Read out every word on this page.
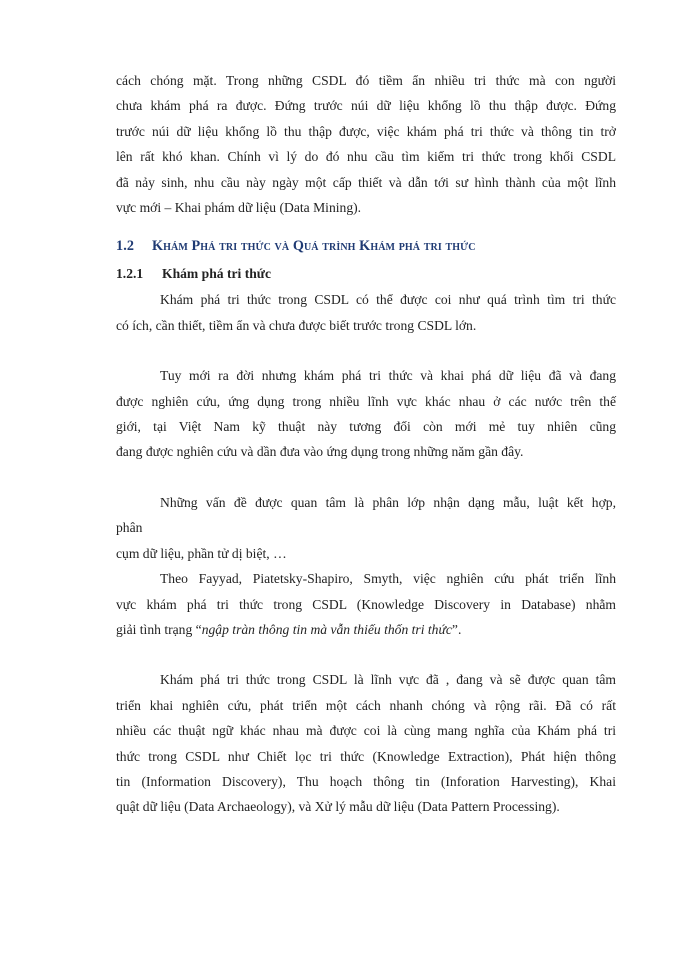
cách chóng mặt. Trong những CSDL đó tiềm ẩn nhiều tri thức mà con người
chưa khám phá ra được. Đứng trước núi dữ liệu khổng lồ thu thập được. Đứng
trước núi dữ liệu khổng lồ thu thập được, việc khám phá tri thức và thông tin trở
lên rất khó khan. Chính vì lý do đó nhu cầu tìm kiếm tri thức trong khối CSDL
đã nảy sinh, nhu cầu này ngày một cấp thiết và dẫn tới sư hình thành của một lĩnh
vực mới – Khai phám dữ liệu (Data Mining).
1.2	Khám Phá tri thức và Quá trình Khám phá tri thức
1.2.1	Khám phá tri thức
Khám phá tri thức trong CSDL có thể được coi như quá trình tìm tri thức
có ích, cần thiết, tiềm ẩn và chưa được biết trước trong CSDL lớn.
Tuy mới ra đời nhưng khám phá tri thức và khai phá dữ liệu đã và đang
được nghiên cứu, ứng dụng trong nhiều lĩnh vực khác nhau ở các nước trên thế
giới, tại Việt Nam kỹ thuật này tương đối còn mới mẻ tuy nhiên cũng
đang được nghiên cứu và dần đưa vào ứng dụng trong những năm gần đây.
Những vấn đề được quan tâm là phân lớp nhận dạng mẫu, luật kết hợp,
phân
cụm dữ liệu, phần tử dị biệt, …
Theo Fayyad, Piatetsky-Shapiro, Smyth, việc nghiên cứu phát triển lĩnh
vực khám phá tri thức trong CSDL (Knowledge Discovery in Database) nhằm
giải tình trạng “ngập tràn thông tin mà vẫn thiếu thốn tri thức”.
Khám phá tri thức trong CSDL là lĩnh vực đã , đang và sẽ được quan tâm
triển khai nghiên cứu, phát triển một cách nhanh chóng và rộng rãi. Đã có rất
nhiều các thuật ngữ khác nhau mà được coi là cùng mang nghĩa của Khám phá tri
thức trong CSDL như Chiết lọc tri thức (Knowledge Extraction), Phát hiện thông
tin (Information Discovery), Thu hoạch thông tin (Inforation Harvesting), Khai
quật dữ liệu (Data Archaeology), và Xử lý mẫu dữ liệu (Data Pattern Processing).
